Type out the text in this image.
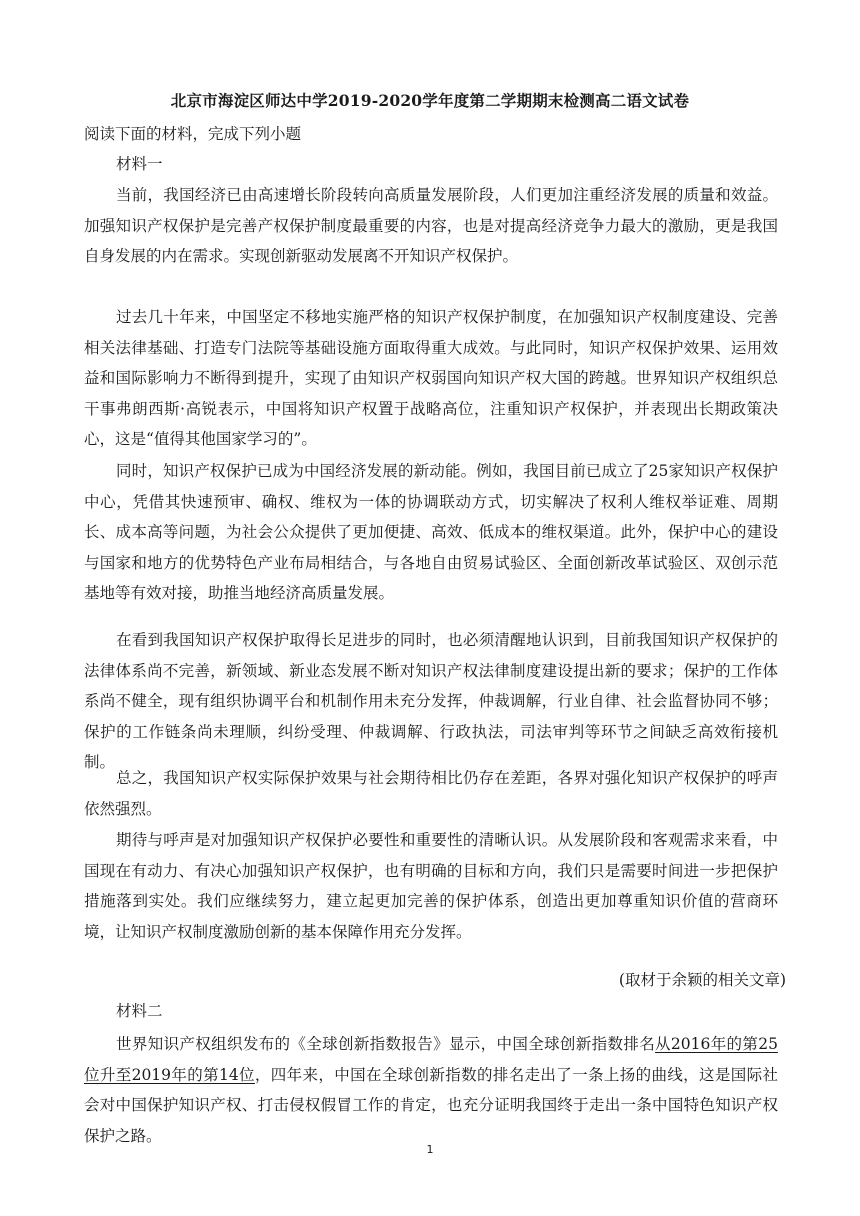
北京市海淀区师达中学2019-2020学年度第二学期期末检测高二语文试卷
阅读下面的材料，完成下列小题
材料一

当前，我国经济已由高速增长阶段转向高质量发展阶段，人们更加注重经济发展的质量和效益。加强知识产权保护是完善产权保护制度最重要的内容，也是对提高经济竞争力最大的激励，更是我国自身发展的内在需求。实现创新驱动发展离不开知识产权保护。

过去几十年来，中国坚定不移地实施严格的知识产权保护制度，在加强知识产权制度建设、完善相关法律基础、打造专门法院等基础设施方面取得重大成效。与此同时，知识产权保护效果、运用效益和国际影响力不断得到提升，实现了由知识产权弱国向知识产权大国的跨越。世界知识产权组织总干事弗朗西斯·高锐表示，中国将知识产权置于战略高位，注重知识产权保护，并表现出长期政策决心，这是“值得其他国家学习的”。

同时，知识产权保护已成为中国经济发展的新动能。例如，我国目前已成立了25家知识产权保护中心，凭借其快速预审、确权、维权为一体的协调联动方式，切实解决了权利人维权举证难、周期长、成本高等问题，为社会公众提供了更加便捷、高效、低成本的维权渠道。此外，保护中心的建设与国家和地方的优势特色产业布局相结合，与各地自由贸易试验区、全面创新改革试验区、双创示范基地等有效对接，助推当地经济高质量发展。

在看到我国知识产权保护取得长足进步的同时，也必须清醒地认识到，目前我国知识产权保护的法律体系尚不完善，新领域、新业态发展不断对知识产权法律制度建设提出新的要求；保护的工作体系尚不健全，现有组织协调平台和机制作用未充分发挥，仲裁调解，行业自律、社会监督协同不够；保护的工作链条尚未理顺，纠纷受理、仲裁调解、行政执法，司法审判等环节之间缺乏高效衔接机制。

总之，我国知识产权实际保护效果与社会期待相比仍存在差距，各界对强化知识产权保护的呼声依然强烈。

期待与呼声是对加强知识产权保护必要性和重要性的清晰认识。从发展阶段和客观需求来看，中国现在有动力、有决心加强知识产权保护，也有明确的目标和方向，我们只是需要时间进一步把保护措施落到实处。我们应继续努力，建立起更加完善的保护体系，创造出更加尊重知识价值的营商环境，让知识产权制度激励创新的基本保障作用充分发挥。

(取材于余颖的相关文章)
材料二

世界知识产权组织发布的《全球创新指数报告》显示，中国全球创新指数排名从2016年的第25位升至2019年的第14位，四年来，中国在全球创新指数的排名走出了一条上扬的曲线，这是国际社会对中国保护知识产权、打击侵权假冒工作的肯定，也充分证明我国终于走出一条中国特色知识产权保护之路。

1
